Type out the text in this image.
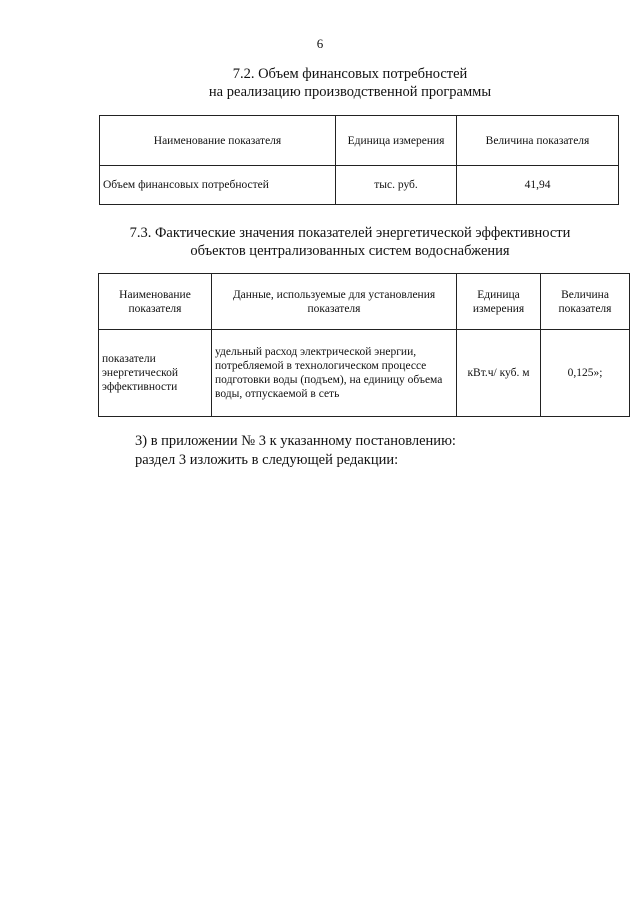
6
7.2. Объем финансовых потребностей
на реализацию производственной программы
Наименование показателя	Единица измерения	Величина показателя
Объем финансовых потребностей	тыс. руб.	41,94
7.3. Фактические значения показателей энергетической эффективности
объектов централизованных систем водоснабжения
Наименование показателя	Данные, используемые для установления показателя	Единица измерения	Величина показателя
показатели энергетической эффективности	удельный расход электрической энергии, потребляемой в технологическом процессе подготовки воды (подъем), на единицу объема воды, отпускаемой в сеть	кВт.ч/ куб. м	0,125»;
3) в приложении № 3 к указанному постановлению:
раздел 3 изложить в следующей редакции:
